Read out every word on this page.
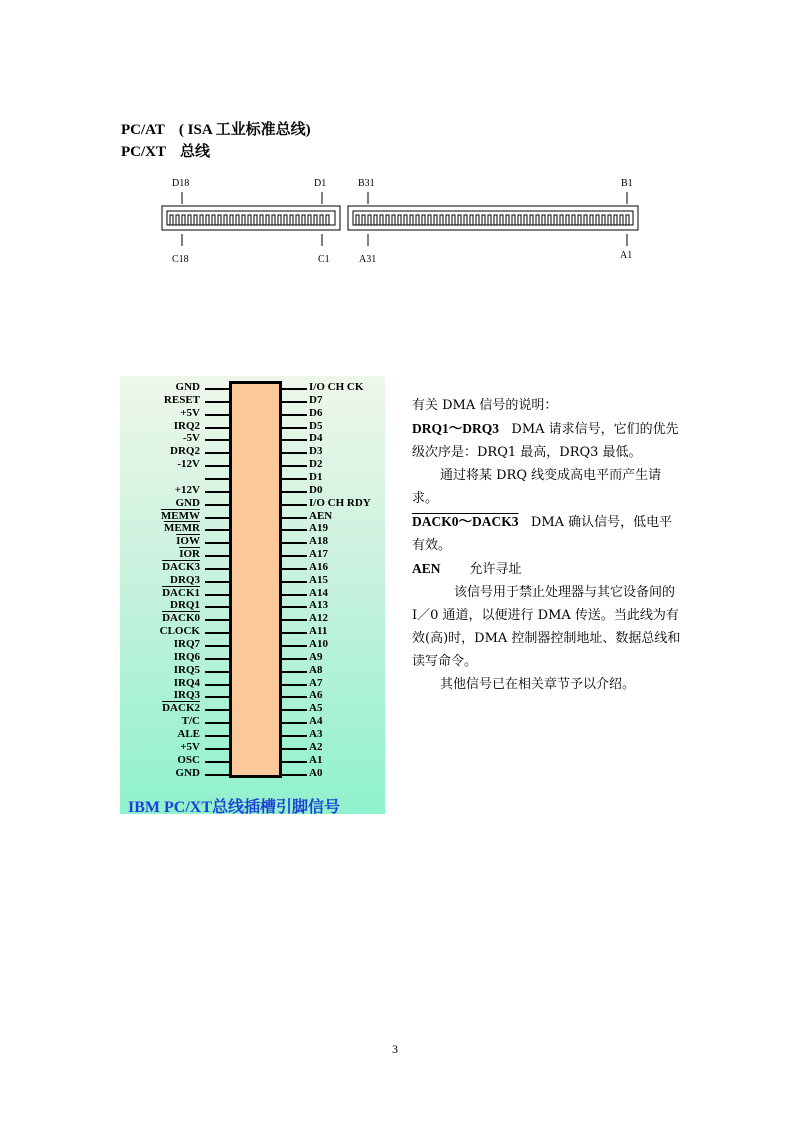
PC/AT ( ISA 工业标准总线)
PC/XT 总线
D18	D1	B31	B1
C18	C1	A31	A1
GND
RESET
+5V
IRQ2
-5V
DRQ2
-12V
+12V
GND
MEMW
MEMR
$\overline{IOW}$
$\overline{IOR}$
DACK3
DRQ3
DACK1
DRQ1
DACK0
CLOCK
IRQ7
IRQ6
IRQ5
IRQ4
IRQ3
DACK2
T/C
ALE
+5V
OSC
GND
I/O CH CK
D7
D6
D5
D4
D3
D2
D1
D0
I/O CH RDY
AEN
A19
A18
A17
A16
A15
A14
A13
A12
A11
A10
A9
A8
A7
A6
A5
A4
A3
A2
A1
A0
IBM PC/XT总线插槽引脚信号

有关 DMA 信号的说明：

DRQ1～DRQ3 DMA 请求信号，它们的优先级次序是：DRQ1 最高，DRQ3 最低。

通过将某 DRQ 线变成高电平而产生请求。

DACK0～DACK3 DMA 确认信号，低电平有效。

AEN 允许寻址

该信号用于禁止处理器与其它设备间的 I／0 通道，以便进行 DMA 传送。当此线为有效(高)时，DMA 控制器控制地址、数据总线和读写命令。

其他信号已在相关章节予以介绍。

3
